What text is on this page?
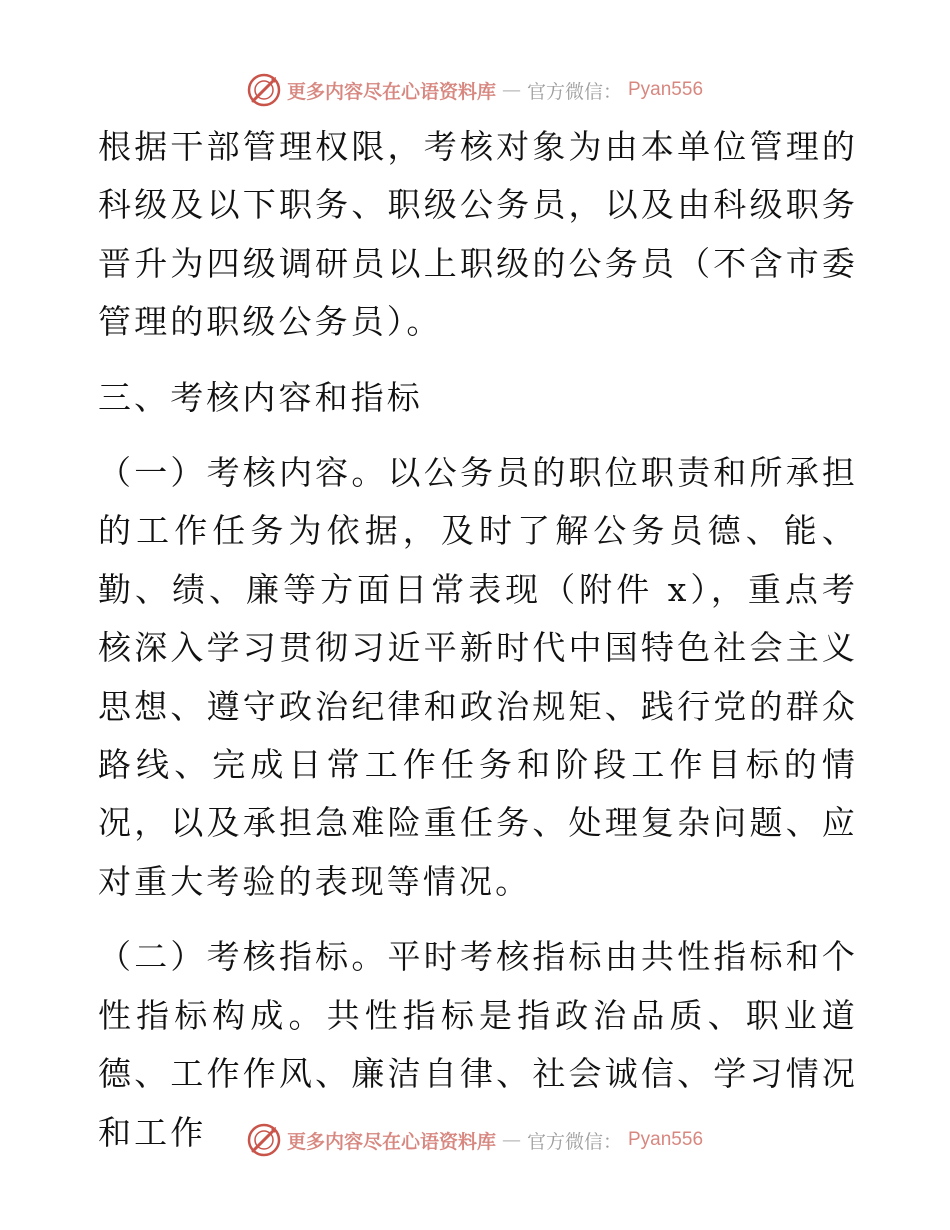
更多内容尽在心语资料库 — 官方微信： Pyan556

根据干部管理权限，考核对象为由本单位管理的科级及以下职务、职级公务员，以及由科级职务晋升为四级调研员以上职级的公务员（不含市委管理的职级公务员）。

三、考核内容和指标

（一）考核内容。以公务员的职位职责和所承担的工作任务为依据，及时了解公务员德、能、勤、绩、廉等方面日常表现（附件 x），重点考核深入学习贯彻习近平新时代中国特色社会主义思想、遵守政治纪律和政治规矩、践行党的群众路线、完成日常工作任务和阶段工作目标的情况，以及承担急难险重任务、处理复杂问题、应对重大考验的表现等情况。

（二）考核指标。平时考核指标由共性指标和个性指标构成。共性指标是指政治品质、职业道德、工作作风、廉洁自律、社会诚信、学习情况和工作	更多内容尽在心语资料库 — 官方微信： Pyan556
